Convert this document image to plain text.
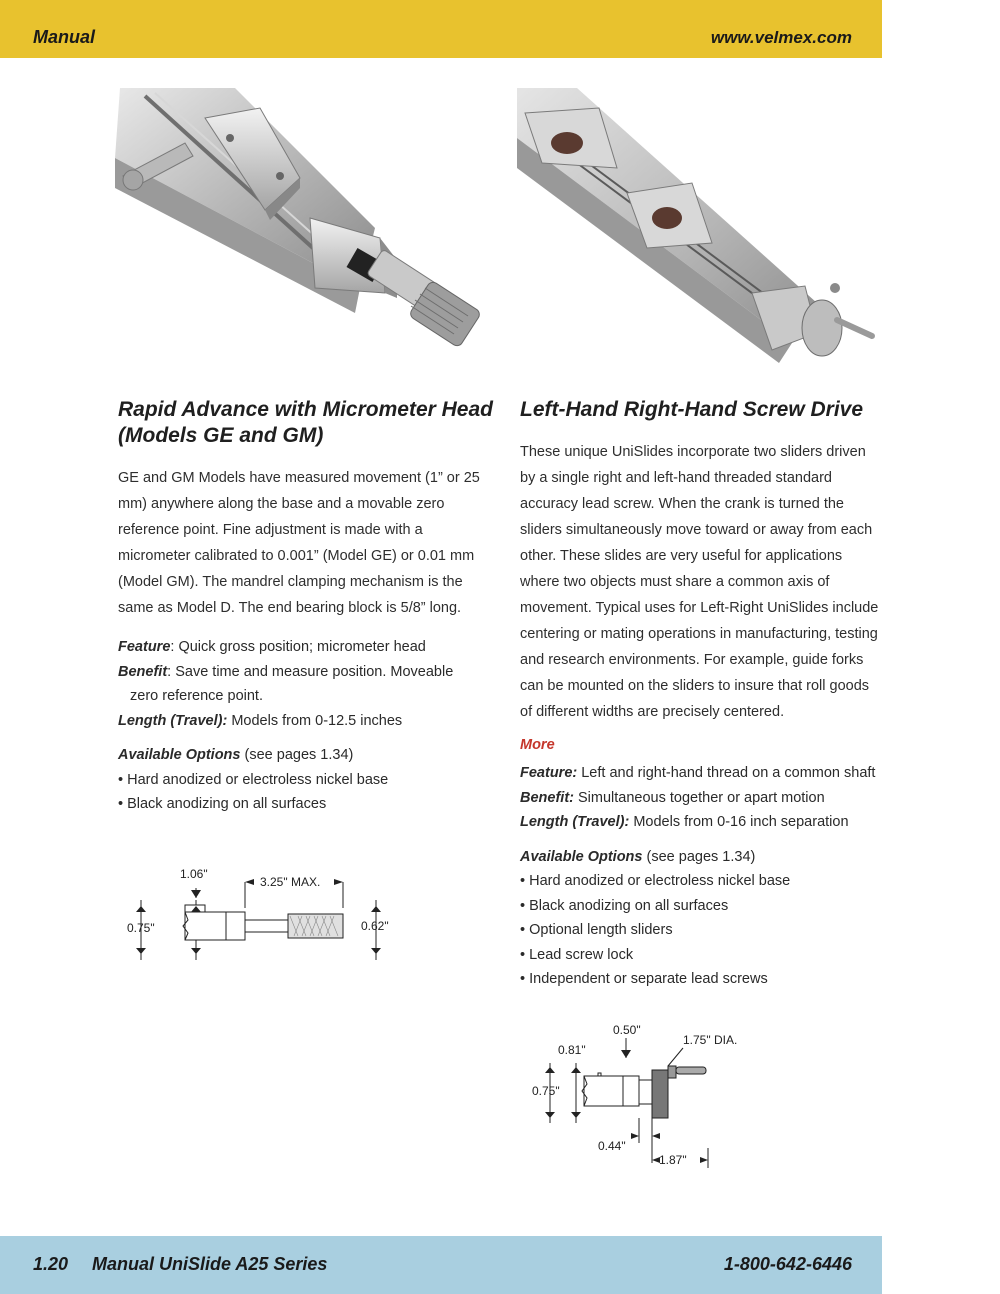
Manual	www.velmex.com
Rapid Advance with Micrometer Head
(Models GE and GM)
GE and GM Models have measured movement (1” or 25 mm) anywhere along the base and a movable zero reference point. Fine adjustment is made with a micrometer calibrated to 0.001” (Model GE) or 0.01 mm (Model GM). The mandrel clamping mechanism is the same as Model D. The end bearing block is 5/8” long.
Feature: Quick gross position; micrometer head
Benefit: Save time and measure position. Moveable
zero reference point.
Length (Travel): Models from 0-12.5 inches
Available Options (see pages 1.34)
• Hard anodized or electroless nickel base
• Black anodizing on all surfaces
1.06"
3.25" MAX.
0.75"	0.62"
Left-Hand Right-Hand Screw Drive
These unique UniSlides incorporate two sliders driven by a single right and left-hand threaded standard accuracy lead screw. When the crank is turned the sliders simultaneously move toward or away from each other. These slides are very useful for applications where two objects must share a common axis of movement. Typical uses for Left-Right UniSlides include centering or mating operations in manufacturing, testing and research environments. For example, guide forks can be mounted on the sliders to insure that roll goods of different widths are precisely centered.
More
Feature: Left and right-hand thread on a common shaft
Benefit: Simultaneous together or apart motion
Length (Travel): Models from 0-16 inch separation
Available Options (see pages 1.34)
• Hard anodized or electroless nickel base
• Black anodizing on all surfaces
• Optional length sliders
• Lead screw lock
• Independent or separate lead screws
0.50"
1.75" DIA.
0.81"
0.75"
0.44"
1.87"
1.20 Manual UniSlide A25 Series	1-800-642-6446
